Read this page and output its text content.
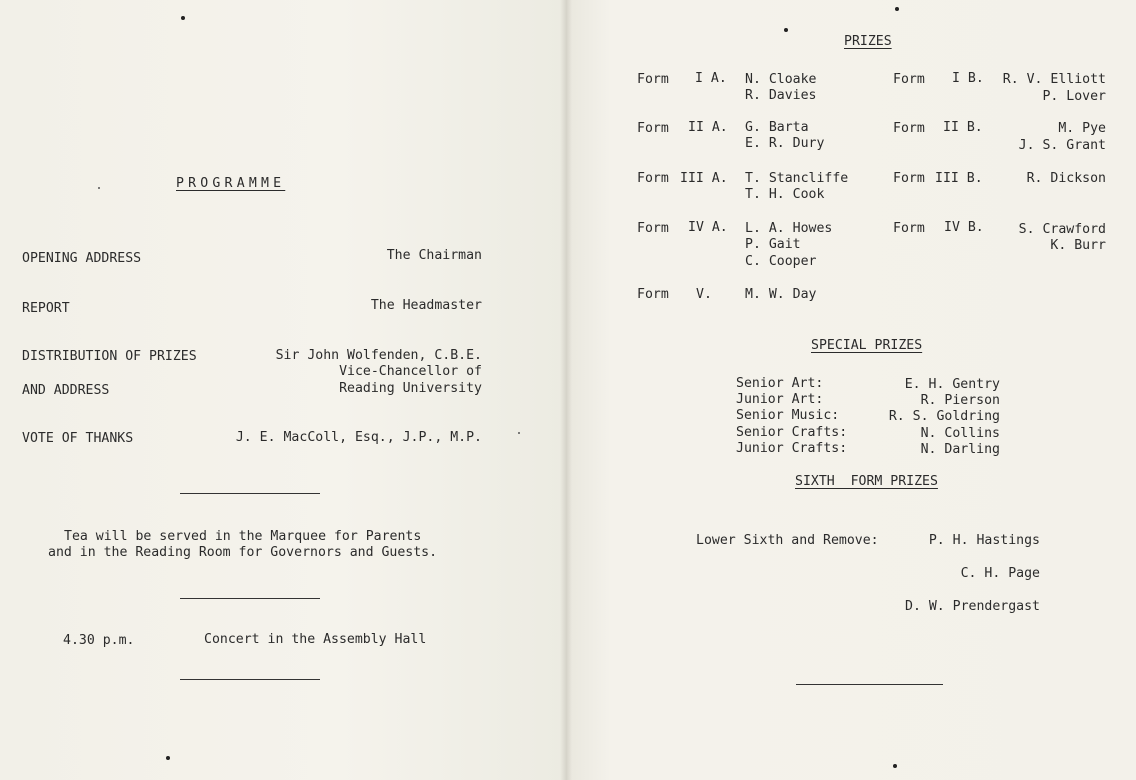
PROGRAMME
OPENING ADDRESS	The Chairman
REPORT	The Headmaster
DISTRIBUTION OF PRIZES	Sir John Wolfenden, C.B.E.
Vice-Chancellor of
AND ADDRESS	Reading University
VOTE OF THANKS	J. E. MacColl, Esq., J.P., M.P.
Tea will be served in the Marquee for Parents
and in the Reading Room for Governors and Guests.
4.30 p.m.	Concert in the Assembly Hall
PRIZES
Form I A. N. Cloake
R. Davies
Form II A. G. Barta
E. R. Dury
Form III A. T. Stancliffe
T. H. Cook
Form IV A. L. A. Howes
P. Gait
C. Cooper
Form V.	M. W. Day
Form I B.	R. V. Elliott
P. Lover
Form II B.	M. Pye
J. S. Grant
Form III B.	R. Dickson
Form IV B.	S. Crawford
K. Burr
SPECIAL PRIZES
Senior Art:	E. H. Gentry
Junior Art:	R. Pierson
Senior Music:	R. S. Goldring
Senior Crafts:	N. Collins
Junior Crafts:	N. Darling
SIXTH  FORM PRIZES
Lower Sixth and Remove:	P. H. Hastings
C. H. Page
D. W. Prendergast
